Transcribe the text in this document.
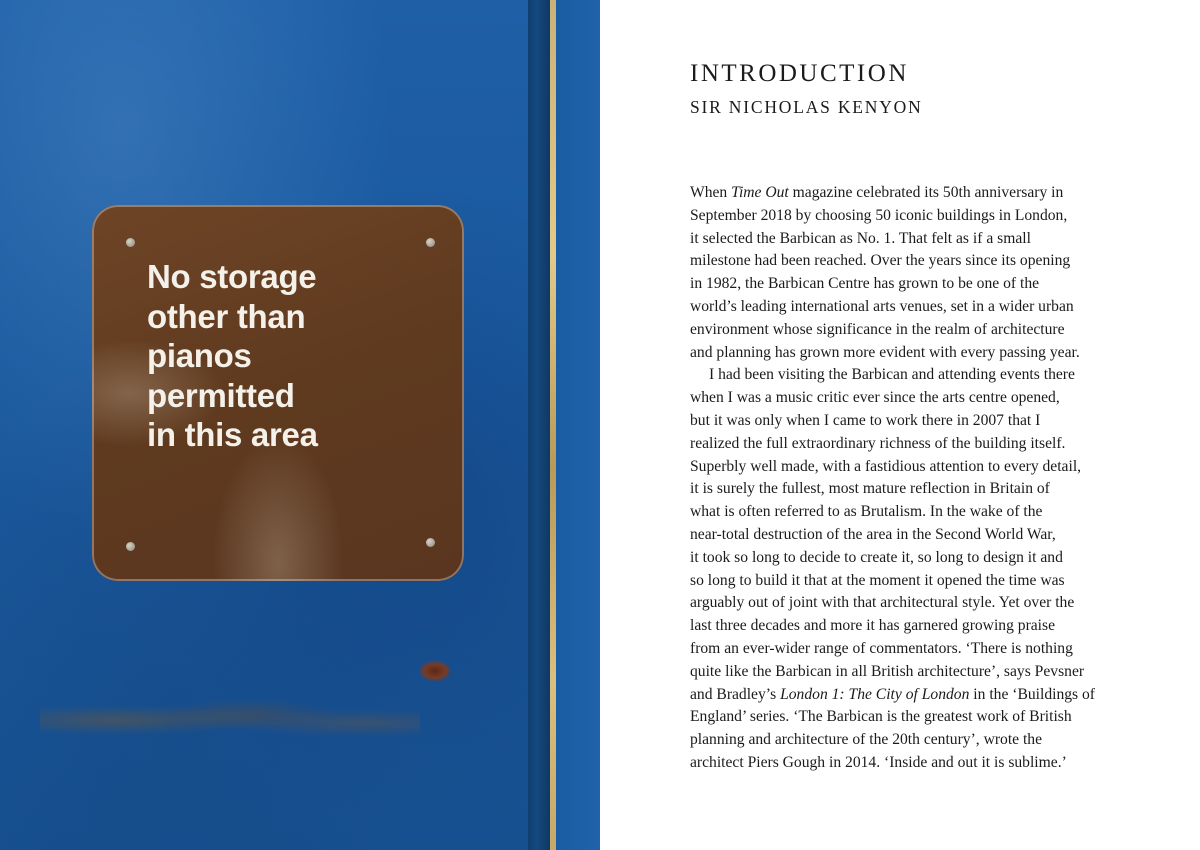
No storage
other than
pianos
permitted
in this area

INTRODUCTION
SIR NICHOLAS KENYON

When Time Out magazine celebrated its 50th anniversary in
September 2018 by choosing 50 iconic buildings in London,
it selected the Barbican as No. 1. That felt as if a small
milestone had been reached. Over the years since its opening
in 1982, the Barbican Centre has grown to be one of the
world’s leading international arts venues, set in a wider urban
environment whose significance in the realm of architecture
and planning has grown more evident with every passing year.

I had been visiting the Barbican and attending events there
when I was a music critic ever since the arts centre opened,
but it was only when I came to work there in 2007 that I
realized the full extraordinary richness of the building itself.
Superbly well made, with a fastidious attention to every detail,
it is surely the fullest, most mature reflection in Britain of
what is often referred to as Brutalism. In the wake of the
near-total destruction of the area in the Second World War,
it took so long to decide to create it, so long to design it and
so long to build it that at the moment it opened the time was
arguably out of joint with that architectural style. Yet over the
last three decades and more it has garnered growing praise
from an ever-wider range of commentators. ‘There is nothing
quite like the Barbican in all British architecture’, says Pevsner
and Bradley’s London 1: The City of London in the ‘Buildings of
England’ series. ‘The Barbican is the greatest work of British
planning and architecture of the 20th century’, wrote the
architect Piers Gough in 2014. ‘Inside and out it is sublime.’
